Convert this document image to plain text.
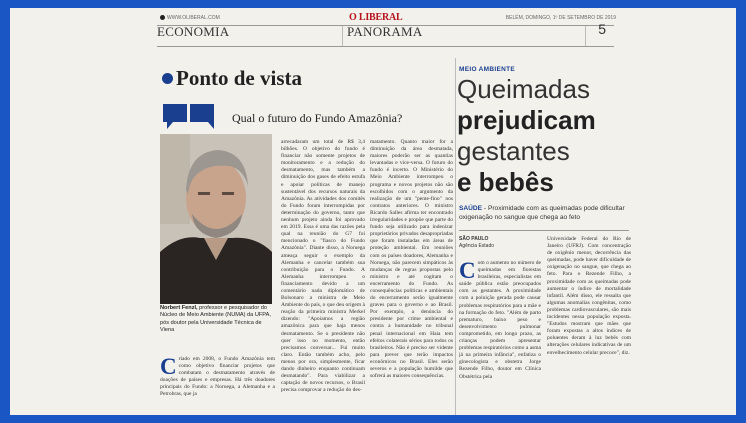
WWW.OLIBERAL.COM	O LIBERAL	BELÉM, DOMINGO, 1º DE SETEMBRO DE 2019
ECONOMIA	PANORAMA	5
Ponto de vista
Qual o futuro do Fundo Amazônia?
Norbert Fenzl, professor e pesquisador do Núcleo de Meio Ambiente (NUMA) da UFPA, pós doutor pela Universidade Técnica de Viena
Criado em 2008, o Fundo Amazônia tem como objetivo financiar projetos que combatam o desmatamento através de doações de países e empresas. Há três doadores principais do Fundo: a Noruega, a Alemanha e a Petrobras, que ja
arrecadaram um total de R$ 3,4 bilhões. O objetivo do fundo é financiar não somente projetos de monitoramento e a redução do desmatamento, mas também a diminuição dos gases de efeito estufa e apoiar políticas de manejo sustentável dos recursos naturais da Amazônia. As atividades dos comitês do Fundo foram interrompidas por determinação do governo, tanto que nenhum projeto ainda foi aprovado em 2019. Essa é uma das razões pela qual na reunião do G7 foi mencionado o "fiasco do Fundo Amazônia". Diante disso, a Noruega ameaça seguir o exemplo da Alemanha e cancelar também sua contribuição para o Fundo. A Alemanha interrompeu o financiamento devido a um comentário nada diplomático de Bolsonaro a ministra de Meio Ambiente do país, o que deu origem à reação da primeira ministra Merkel dizendo: "Apoiamos a região amazônica para que haja menos desmatamento. Se o presidente não quer isso no momento, então precisamos conversar... Fui muito claro. Então também acho, pelo menos por ora, simplesmente, ficar dando dinheiro enquanto continuam desmatando". Para viabilizar a captação de novos recursos, o Brasil precisa comprovar a redução do des-
matamento. Quanto maior for a diminuição da área desmatada, maiores poderão ser as quantias levantadas e vice-versa. O futuro do fundo é incerto. O Ministério do Meio Ambiente interrompeu o programa e novos projetos não são escolhidos com o argumento da realização de um "pente-fino" nos contratos anteriores. O ministro Ricardo Salles afirma ter encontrado irregularidades e propõe que parte do fundo seja utilizado para indenizar proprietários privados desapropriadas que foram instaladas em áreas de proteção ambiental. Em reuniões com os países doadores, Alemanha e Noruega, não parecem simpáticos às mudanças de regras propostas pelo ministro e até cogitam o encerramento do Fundo. As consequências políticas e ambientais do encerramento serão igualmente graves para o governo e ao Brasil. Por exemplo, a denúncia do presidente por crime ambiental e contra a humanidade no tribunal penal internacional em Haia tem efeitos colaterais sérios para todos os brasileiros. Não é preciso ser vidente para prever que terão impactos econômicos no Brasil. Eles serão severos e a população humilde que sofrerá as maiores consequências.
MEIO AMBIENTE
Queimadas
prejudicam
gestantes
e bebês
SAÚDE - Proximidade com as queimadas pode dificultar oxigenação no sangue que chega ao feto
SÃO PAULO
Agência Estado
Com o aumento no número de queimadas em florestas brasileiras, especialistas em saúde pública estão preocupados com as gestantes. A proximidade com a poluição gerada pode causar problemas respiratórios para a mãe e na formação do feto. "Além de parto prematuro, baixo peso e desenvolvimento pulmonar comprometido, em longo prazo, as crianças podem apresentar problemas respiratórios como a asma já na primeira infância", enfatiza o ginecologista e obstetra Jorge Rezende Filho, doutor em Clínica Obstétrica pela
Universidade Federal do Rio de Janeiro (UFRJ). Com concentração de oxigênio menor, decorrência das queimadas, pode haver dificuldade de oxigenação no sangue, que chega ao feto. Para o Rezende Filho, a proximidade com as queimadas pode aumentar o índice de mortalidade infantil. Além disso, ele ressalta que algumas anomalias congênitas, como problemas cardiovasculares, são mais incidentes nessa população exposta. "Estudos mostram que mães que foram expostas a altos índices de poluentes deram à luz bebês com alterações celulares indicativas de um envelhecimento celular precoce", diz.
